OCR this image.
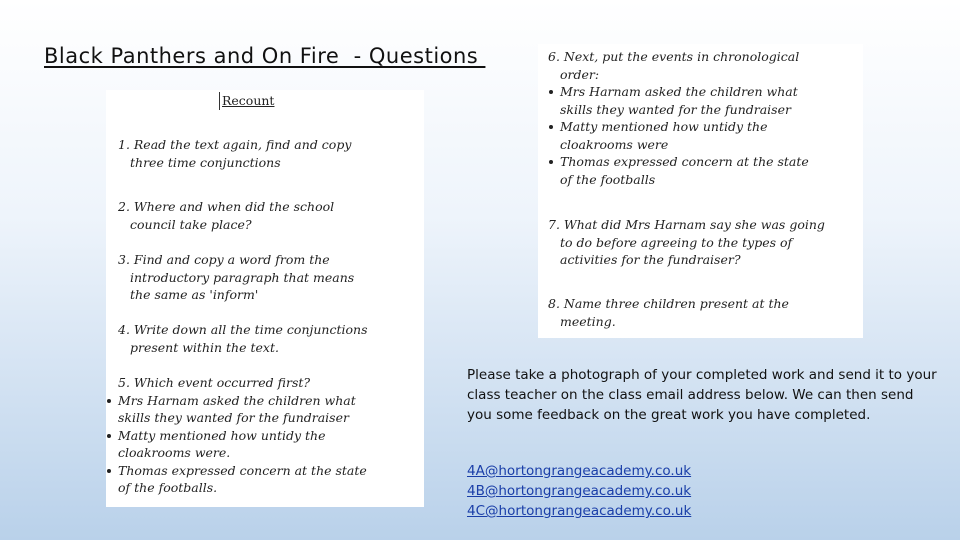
Black Panthers and On Fire  - Questions
Recount
1. Read the text again, find and copy
three time conjunctions
2. Where and when did the school
council take place?
3. Find and copy a word from the
introductory paragraph that means
the same as 'inform'
4. Write down all the time conjunctions
present within the text.
5. Which event occurred first?
Mrs Harnam asked the children what
skills they wanted for the fundraiser
Matty mentioned how untidy the
cloakrooms were.
Thomas expressed concern at the state
of the footballs.
6. Next, put the events in chronological
order:
Mrs Harnam asked the children what
skills they wanted for the fundraiser
Matty mentioned how untidy the
cloakrooms were
Thomas expressed concern at the state
of the footballs
7. What did Mrs Harnam say she was going
to do before agreeing to the types of
activities for the fundraiser?
8. Name three children present at the
meeting.
Please take a photograph of your completed work and send it to your class teacher on the class email address below. We can then send you some feedback on the great work you have completed.
4A@hortongrangeacademy.co.uk
4B@hortongrangeacademy.co.uk
4C@hortongrangeacademy.co.uk
